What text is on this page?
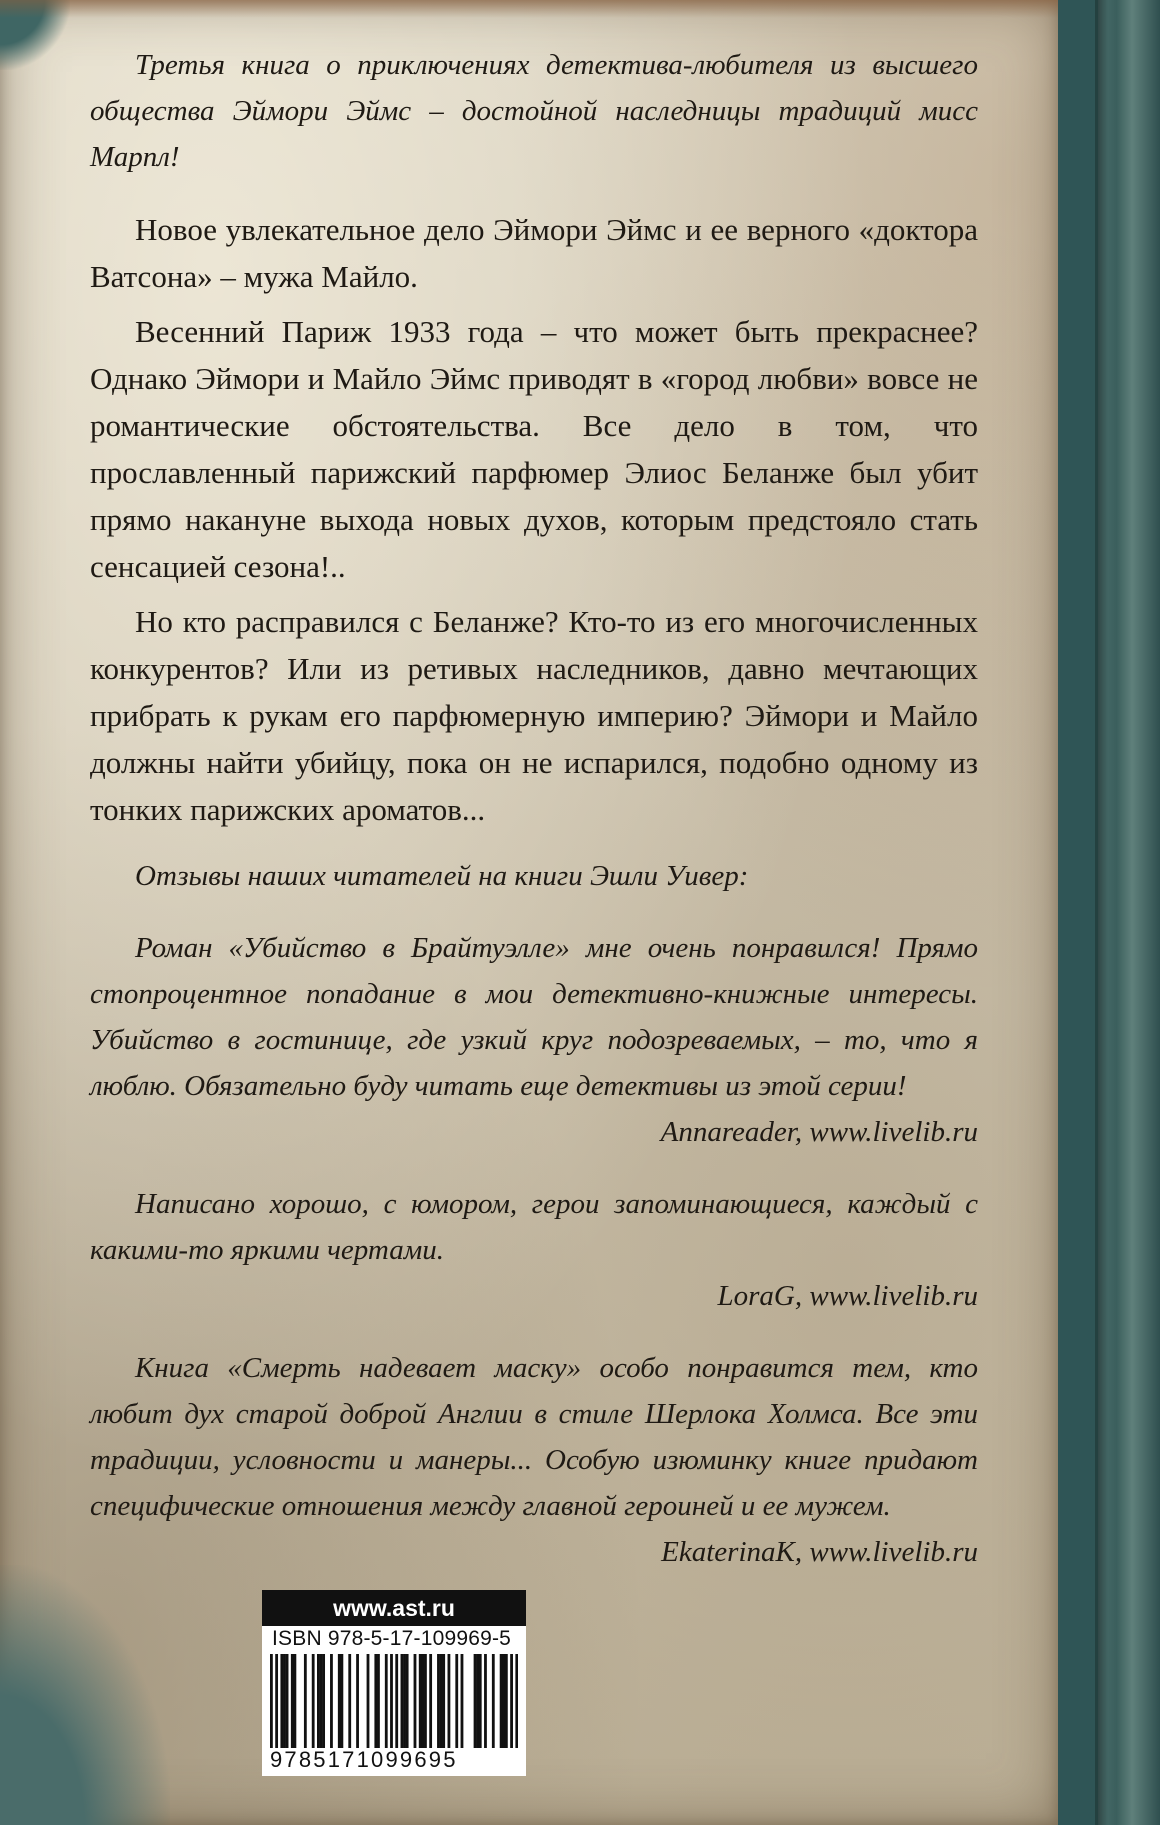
Третья книга о приключениях детектива-любителя из высшего общества Эймори Эймс – достойной наследницы традиций мисс Марпл!

Новое увлекательное дело Эймори Эймс и ее верного «доктора Ватсона» – мужа Майло.

Весенний Париж 1933 года – что может быть прекраснее? Однако Эймори и Майло Эймс приводят в «город любви» вовсе не романтические обстоятельства. Все дело в том, что прославленный парижский парфюмер Элиос Беланже был убит прямо накануне выхода новых духов, которым предстояло стать сенсацией сезона!..

Но кто расправился с Беланже? Кто-то из его многочисленных конкурентов? Или из ретивых наследников, давно мечтающих прибрать к рукам его парфюмерную империю? Эймори и Майло должны найти убийцу, пока он не испарился, подобно одному из тонких парижских ароматов...

Отзывы наших читателей на книги Эшли Уивер:

Роман «Убийство в Брайтуэлле» мне очень понравился! Прямо стопроцентное попадание в мои детективно-книжные интересы. Убийство в гостинице, где узкий круг подозреваемых, – то, что я люблю. Обязательно буду читать еще детективы из этой серии!

Annareader, www.livelib.ru

Написано хорошо, с юмором, герои запоминающиеся, каждый с какими-то яркими чертами.

LoraG, www.livelib.ru

Книга «Смерть надевает маску» особо понравится тем, кто любит дух старой доброй Англии в стиле Шерлока Холмса. Все эти традиции, условности и манеры... Особую изюминку книге придают специфические отношения между главной героиней и ее мужем.

EkaterinaK, www.livelib.ru

www.ast.ru
ISBN 978-5-17-109969-5
9785171099695
